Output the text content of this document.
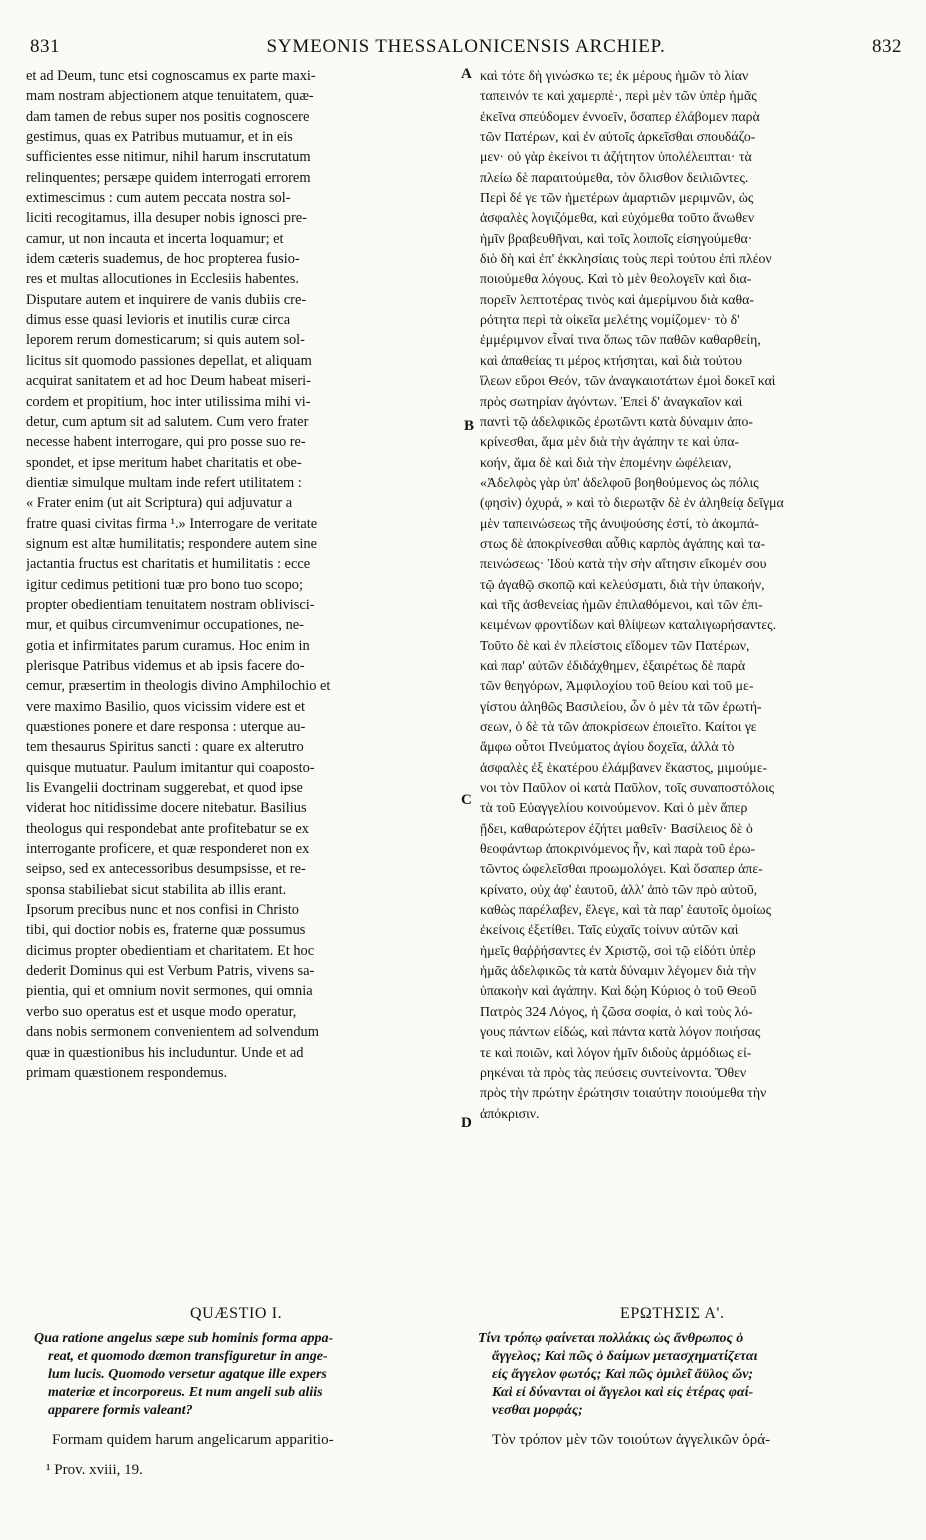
831	SYMEONIS THESSALONICENSIS ARCHIEP.	832
A
B
C
D
et ad Deum, tunc etsi cognoscamus ex parte maxi-
mam nostram abjectionem atque tenuitatem, quæ-
dam tamen de rebus super nos positis cognoscere
gestimus, quas ex Patribus mutuamur, et in eis
sufficientes esse nitimur, nihil harum inscrutatum
relinquentes; persæpe quidem interrogati errorem
extimescimus : cum autem peccata nostra sol-
liciti recogitamus, illa desuper nobis ignosci pre-
camur, ut non incauta et incerta loquamur; et
idem cæteris suademus, de hoc propterea fusio-
res et multas allocutiones in Ecclesiis habentes.
Disputare autem et inquirere de vanis dubiis cre-
dimus esse quasi levioris et inutilis curæ circa
leporem rerum domesticarum; si quis autem sol-
licitus sit quomodo passiones depellat, et aliquam
acquirat sanitatem et ad hoc Deum habeat miseri-
cordem et propitium, hoc inter utilissima mihi vi-
detur, cum aptum sit ad salutem. Cum vero frater
necesse habent interrogare, qui pro posse suo re-
spondet, et ipse meritum habet charitatis et obe-
dientiæ simulque multam inde refert utilitatem :
« Frater enim (ut ait Scriptura) qui adjuvatur a
fratre quasi civitas firma ¹.» Interrogare de veritate
signum est altæ humilitatis; respondere autem sine
jactantia fructus est charitatis et humilitatis : ecce
igitur cedimus petitioni tuæ pro bono tuo scopo;
propter obedientiam tenuitatem nostram oblivisci-
mur, et quibus circumvenimur occupationes, ne-
gotia et infirmitates parum curamus. Hoc enim in
plerisque Patribus videmus et ab ipsis facere do-
cemur, præsertim in theologis divino Amphilochio et
vere maximo Basilio, quos vicissim videre est et
quæstiones ponere et dare responsa : uterque au-
tem thesaurus Spiritus sancti : quare ex alterutro
quisque mutuatur. Paulum imitantur qui coaposto-
lis Evangelii doctrinam suggerebat, et quod ipse
viderat hoc nitidissime docere nitebatur. Basilius
theologus qui respondebat ante profitebatur se ex
interrogante proficere, et quæ responderet non ex
seipso, sed ex antecessoribus desumpsisse, et re-
sponsa stabiliebat sicut stabilita ab illis erant.
Ipsorum precibus nunc et nos confisi in Christo
tibi, qui doctior nobis es, fraterne quæ possumus
dicimus propter obedientiam et charitatem. Et hoc
dederit Dominus qui est Verbum Patris, vivens sa-
pientia, qui et omnium novit sermones, qui omnia
verbo suo operatus est et usque modo operatur,
dans nobis sermonem convenientem ad solvendum
quæ in quæstionibus his includuntur. Unde et ad
primam quæstionem respondemus.
καὶ τότε δὴ γινώσκω τε; ἐκ μέρους ἡμῶν τὸ λίαν
ταπεινόν τε καὶ χαμερπὲ·, περὶ μὲν τῶν ὑπὲρ ἡμᾶς
ἐκεῖνα σπεύδομεν ἐννοεῖν, ὅσαπερ ἐλάβομεν παρὰ
τῶν Πατέρων, καὶ ἐν αὐτοῖς ἀρκεῖσθαι σπουδάζο-
μεν· οὐ γὰρ ἐκείνοι τι ἀζήτητον ὑπολέλειπται· τὰ
πλείω δὲ παραιτούμεθα, τὸν ὄλισθον δειλιῶντες.
Περὶ δέ γε τῶν ἡμετέρων ἁμαρτιῶν μεριμνῶν, ὡς
ἀσφαλὲς λογιζόμεθα, καὶ εὐχόμεθα τοῦτο ἄνωθεν
ἡμῖν βραβευθῆναι, καὶ τοῖς λοιποῖς εἰσηγούμεθα·
διὸ δὴ καὶ ἐπ' ἐκκλησίαις τοὺς περὶ τούτου ἐπὶ πλέον
ποιούμεθα λόγους. Καὶ τὸ μὲν θεολογεῖν καὶ δια-
πορεῖν λεπτοτέρας τινὸς καὶ ἀμερίμνου διὰ καθα-
ρότητα περὶ τὰ οἰκεῖα μελέτης νομίζομεν· τὸ δ'
ἐμμέριμνον εἶναί τινα ὅπως τῶν παθῶν καθαρθείη,
καὶ ἀπαθείας τι μέρος κτήσηται, καὶ διὰ τούτου
ἵλεων εὕροι Θεόν, τῶν ἀναγκαιοτάτων ἐμοὶ δοκεῖ καὶ
πρὸς σωτηρίαν ἀγόντων. Ἐπεὶ δ' ἀναγκαῖον καὶ
παντὶ τῷ ἀδελφικῶς ἐρωτῶντι κατὰ δύναμιν ἀπο-
κρίνεσθαι, ἅμα μὲν διὰ τὴν ἀγάπην τε καὶ ὑπα-
κοήν, ἅμα δὲ καὶ διὰ τὴν ἑπομένην ὠφέλειαν,
«Ἀδελφὸς γὰρ ὑπ' ἀδελφοῦ βοηθούμενος ὡς πόλις
(φησὶν) ὀχυρά, » καὶ τὸ διερωτᾷν δὲ ἐν ἀληθείᾳ δεῖγμα
μὲν ταπεινώσεως τῆς ἀνυψούσης ἐστί, τὸ ἀκομπά-
στως δὲ ἀποκρίνεσθαι αὖθις καρπὸς ἀγάπης καὶ τα-
πεινώσεως· Ἰδοὺ κατὰ τὴν σὴν αἴτησιν εἴκομέν σου
τῷ ἀγαθῷ σκοπῷ καὶ κελεύσματι, διὰ τὴν ὑπακοήν,
καὶ τῆς ἀσθενείας ἡμῶν ἐπιλαθόμενοι, καὶ τῶν ἐπι-
κειμένων φροντίδων καὶ θλίψεων καταλιγωρήσαντες.
Τοῦτο δὲ καὶ ἐν πλείστοις εἴδομεν τῶν Πατέρων,
καὶ παρ' αὐτῶν ἐδιδάχθημεν, ἐξαιρέτως δὲ παρὰ
τῶν θεηγόρων, Ἀμφιλοχίου τοῦ θείου καὶ τοῦ με-
γίστου ἀληθῶς Βασιλείου, ὧν ὁ μὲν τὰ τῶν ἐρωτή-
σεων, ὁ δὲ τὰ τῶν ἀποκρίσεων ἐποιεῖτο. Καίτοι γε
ἄμφω οὗτοι Πνεύματος ἁγίου δοχεῖα, ἀλλὰ τὸ
ἀσφαλὲς ἐξ ἑκατέρου ἐλάμβανεν ἕκαστος, μιμούμε-
νοι τὸν Παῦλον οἱ κατὰ Παῦλον, τοῖς συναποστόλοις
τὰ τοῦ Εὐαγγελίου κοινούμενον. Καὶ ὁ μὲν ἅπερ
ᾔδει, καθαρώτερον ἐζήτει μαθεῖν· Βασίλειος δὲ ὁ
θεοφάντωρ ἀποκρινόμενος ἦν, καὶ παρὰ τοῦ ἐρω-
τῶντος ὠφελεῖσθαι προωμολόγει. Καὶ ὅσαπερ ἀπε-
κρίνατο, οὐχ ἀφ' ἑαυτοῦ, ἀλλ' ἀπὸ τῶν πρὸ αὐτοῦ,
καθὼς παρέλαβεν, ἔλεγε, καὶ τὰ παρ' ἑαυτοῖς ὁμοίως
ἐκείνοις ἐξετίθει. Ταῖς εὐχαῖς τοίνυν αὐτῶν καὶ
ἡμεῖς θαῤῥήσαντες ἐν Χριστῷ, σοὶ τῷ εἰδότι ὑπὲρ
ἡμᾶς ἀδελφικῶς τὰ κατὰ δύναμιν λέγομεν διὰ τὴν
ὑπακοὴν καὶ ἀγάπην. Καὶ δῴη Κύριος ὁ τοῦ Θεοῦ
Πατρὸς 324 Λόγος, ἡ ζῶσα σοφία, ὁ καὶ τοὺς λό-
γους πάντων εἰδώς, καὶ πάντα κατὰ λόγον ποιήσας
τε καὶ ποιῶν, καὶ λόγον ἡμῖν διδοὺς ἁρμόδιως εἰ-
ρηκέναι τὰ πρὸς τὰς πεύσεις συντείνοντα. Ὅθεν
πρὸς τὴν πρώτην ἐρώτησιν τοιαύτην ποιούμεθα τὴν
ἀπόκρισιν.
QUÆSTIO I.	ΕΡΩΤΗΣΙΣ Α'.
Qua ratione angelus sæpe sub hominis forma appa-
reat, et quomodo dæmon transfiguretur in ange-
lum lucis. Quomodo versetur agatque ille expers
materiæ et incorporeus. Et num angeli sub aliis
apparere formis valeant?
Τίνι τρόπῳ φαίνεται πολλάκις ὡς ἄνθρωπος ὁ
ἄγγελος; Καὶ πῶς ὁ δαίμων μετασχηματίζεται
εἰς ἄγγελον φωτός; Καὶ πῶς ὁμιλεῖ ἄϋλος ὤν;
Καὶ εἰ δύνανται οἱ ἄγγελοι καὶ εἰς ἑτέρας φαί-
νεσθαι μορφάς;
Formam quidem harum angelicarum apparitio-	Τὸν τρόπον μὲν τῶν τοιούτων ἀγγελικῶν ὁρά-
¹ Prov. xviii, 19.
